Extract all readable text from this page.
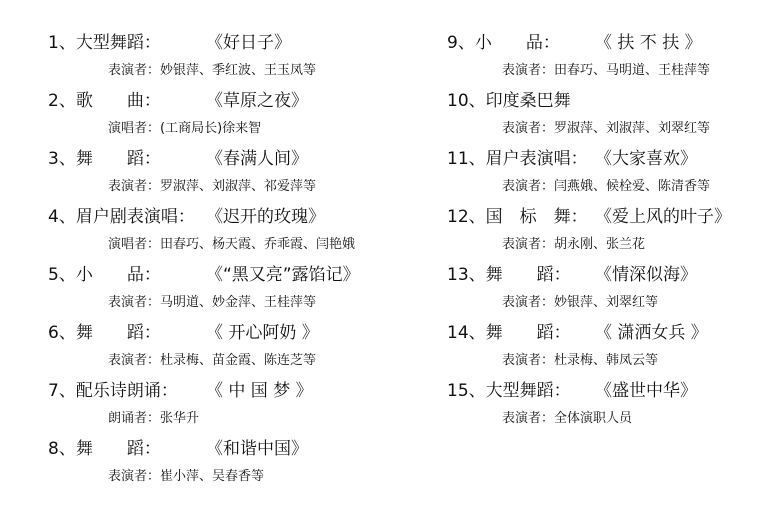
1、大型舞蹈：	《好日子》
表演者：妙银萍、季红波、王玉凤等
2、歌　　曲：	《草原之夜》
演唱者：(工商局长)徐来智
3、舞　　蹈：	《春满人间》
表演者：罗淑萍、刘淑萍、祁爱萍等
4、眉户剧表演唱： 《迟开的玫瑰》
演唱者：田春巧、杨天霞、乔乖霞、闫艳娥
5、小　　品：	《“黑又亮”露馅记》
表演者：马明道、妙金萍、王桂萍等
6、舞　　蹈：	《 开心阿奶 》
表演者：杜录梅、苗金霞、陈连芝等
7、配乐诗朗诵： 《 中 国 梦 》
朗诵者：张华升
8、舞　　蹈：	《和谐中国》
表演者：崔小萍、吴春香等
9、小　　品： 《 扶 不 扶 》
表演者：田春巧、马明道、王桂萍等
10、印度桑巴舞
表演者：罗淑萍、刘淑萍、刘翠红等
11、眉户表演唱： 《大家喜欢》
表演者：闫燕娥、候栓爱、陈清香等
12、国　标　舞： 《爱上风的叶子》
表演者：胡永刚、张兰花
13、舞　　蹈： 《情深似海》
表演者：妙银萍、刘翠红等
14、舞　　蹈： 《 潇洒女兵 》
表演者：杜录梅、韩凤云等
15、大型舞蹈： 《盛世中华》
表演者：全体演职人员
